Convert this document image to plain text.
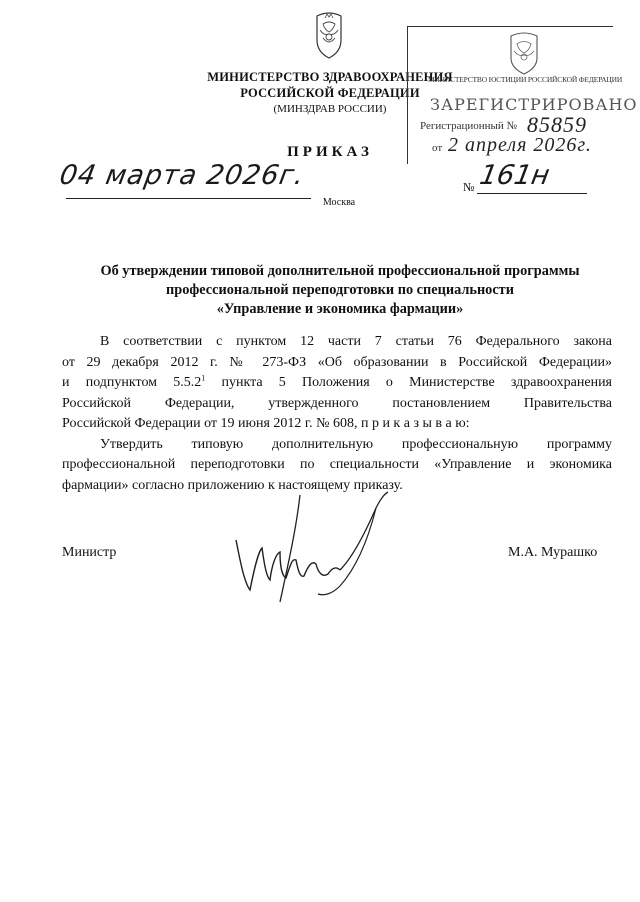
МИНИСТЕРСТВО ЗДРАВООХРАНЕНИЯ
РОССИЙСКОЙ ФЕДЕРАЦИИ
(МИНЗДРАВ РОССИИ)
МИНИСТЕРСТВО ЮСТИЦИИ РОССИЙСКОЙ ФЕДЕРАЦИИ
ЗАРЕГИСТРИРОВАНО
Регистрационный № 85859
от 2 апреля 2026г.
ПРИКАЗ
04 марта 2026г.	№ 161н
Москва
Об утверждении типовой дополнительной профессиональной программы
профессиональной переподготовки по специальности
«Управление и экономика фармации»
В соответствии с пунктом 12 части 7 статьи 76 Федерального закона
от 29 декабря 2012 г. № 273-ФЗ «Об образовании в Российской Федерации»
и подпунктом 5.5.2$^1$ пункта 5 Положения о Министерстве здравоохранения
Российской Федерации, утвержденного постановлением Правительства
Российской Федерации от 19 июня 2012 г. № 608, п р и к а з ы в а ю:
Утвердить типовую дополнительную профессиональную программу
профессиональной переподготовки по специальности «Управление и экономика
фармации» согласно приложению к настоящему приказу.
Министр	М.А. Мурашко
